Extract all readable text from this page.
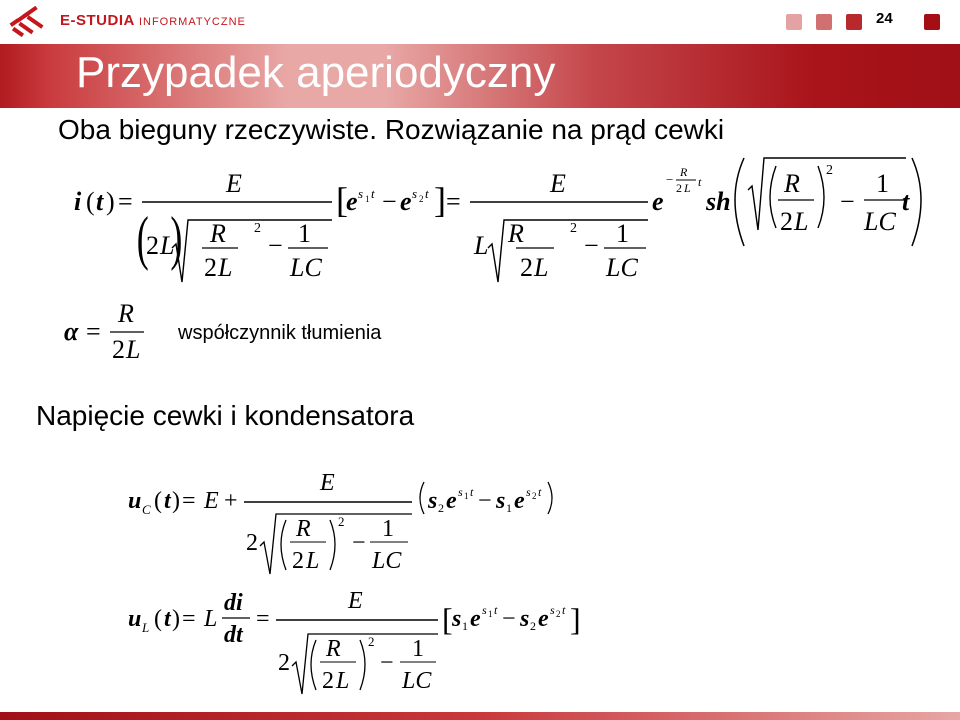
E-STUDIA INFORMATYCZNE	24
Przypadek aperiodyczny
Oba bieguny rzeczywiste. Rozwiązanie na prąd cewki
i ( t ) =
E
2 L
( R
2 L
)	2
− 1
LC
[
e s 1 t − e s 2 t ] =
E
L R
2 L
2
− 1
LC
e
− R
2 L t
sh
R
2 L
2
−
1
LC
t
α =
R
2 L
współczynnik tłumienia
Napięcie cewki i kondensatora
u C ( t ) = E +
E
2
R
2 L
2
−
1
LC
s 2 e s 1 t − s 1 e s 2 t
u L ( t ) = L
di
dt
=
E
2
R
2 L
2
−
1
LC
[ s 1 e s 1 t − s 2 e s 2 t ]
